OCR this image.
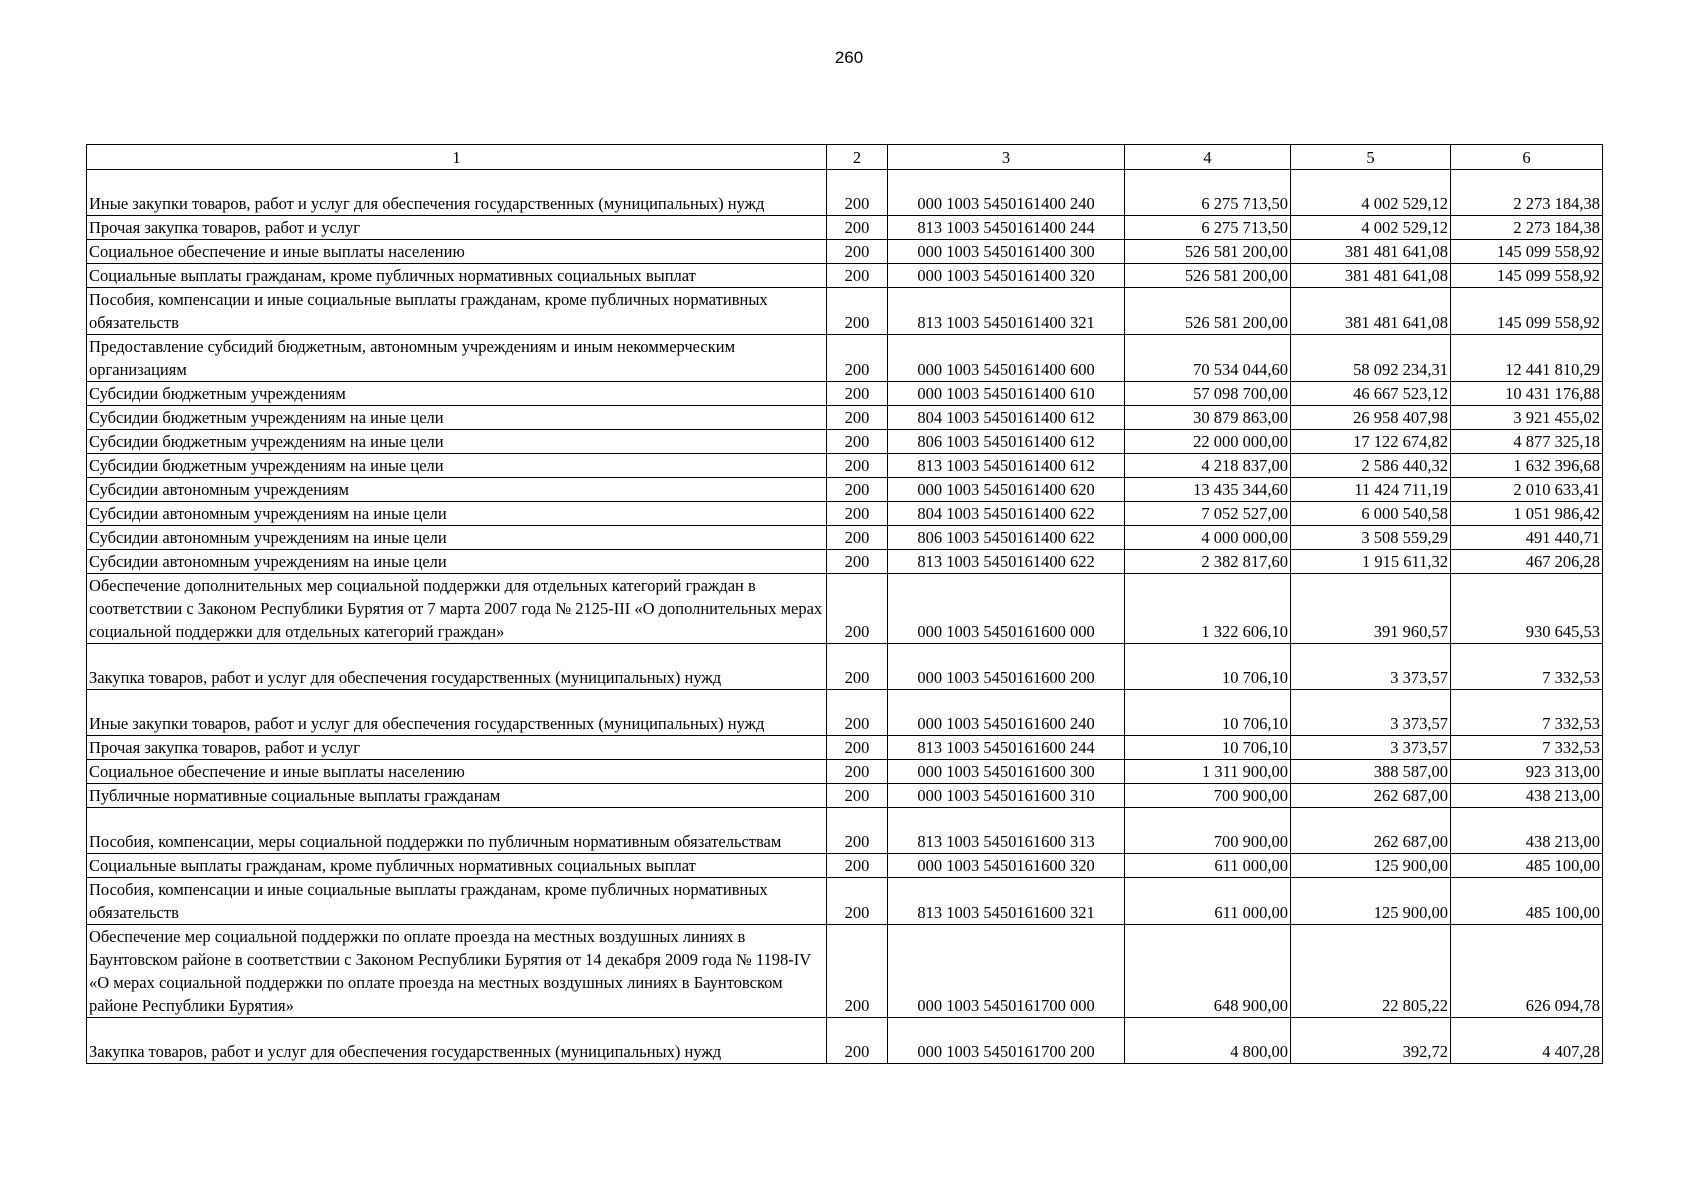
260
1	2	3	4	5	6
Иные закупки товаров, работ и услуг для обеспечения государственных (муниципальных) нужд	200	000 1003 5450161400 240	6 275 713,50	4 002 529,12	2 273 184,38
Прочая закупка товаров, работ и услуг	200	813 1003 5450161400 244	6 275 713,50	4 002 529,12	2 273 184,38
Социальное обеспечение и иные выплаты населению	200	000 1003 5450161400 300	526 581 200,00	381 481 641,08	145 099 558,92
Социальные выплаты гражданам, кроме публичных нормативных социальных выплат	200	000 1003 5450161400 320	526 581 200,00	381 481 641,08	145 099 558,92
Пособия, компенсации и иные социальные выплаты гражданам, кроме публичных нормативных обязательств	200	813 1003 5450161400 321	526 581 200,00	381 481 641,08	145 099 558,92
Предоставление субсидий бюджетным, автономным учреждениям и иным некоммерческим организациям	200	000 1003 5450161400 600	70 534 044,60	58 092 234,31	12 441 810,29
Субсидии бюджетным учреждениям	200	000 1003 5450161400 610	57 098 700,00	46 667 523,12	10 431 176,88
Субсидии бюджетным учреждениям на иные цели	200	804 1003 5450161400 612	30 879 863,00	26 958 407,98	3 921 455,02
Субсидии бюджетным учреждениям на иные цели	200	806 1003 5450161400 612	22 000 000,00	17 122 674,82	4 877 325,18
Субсидии бюджетным учреждениям на иные цели	200	813 1003 5450161400 612	4 218 837,00	2 586 440,32	1 632 396,68
Субсидии автономным учреждениям	200	000 1003 5450161400 620	13 435 344,60	11 424 711,19	2 010 633,41
Субсидии автономным учреждениям на иные цели	200	804 1003 5450161400 622	7 052 527,00	6 000 540,58	1 051 986,42
Субсидии автономным учреждениям на иные цели	200	806 1003 5450161400 622	4 000 000,00	3 508 559,29	491 440,71
Субсидии автономным учреждениям на иные цели	200	813 1003 5450161400 622	2 382 817,60	1 915 611,32	467 206,28
Обеспечение дополнительных мер социальной поддержки для отдельных категорий граждан в соответствии с Законом Республики Бурятия от 7 марта 2007 года № 2125-III «О дополнительных мерах социальной поддержки для отдельных категорий граждан»	200	000 1003 5450161600 000	1 322 606,10	391 960,57	930 645,53
Закупка товаров, работ и услуг для обеспечения государственных (муниципальных) нужд	200	000 1003 5450161600 200	10 706,10	3 373,57	7 332,53
Иные закупки товаров, работ и услуг для обеспечения государственных (муниципальных) нужд	200	000 1003 5450161600 240	10 706,10	3 373,57	7 332,53
Прочая закупка товаров, работ и услуг	200	813 1003 5450161600 244	10 706,10	3 373,57	7 332,53
Социальное обеспечение и иные выплаты населению	200	000 1003 5450161600 300	1 311 900,00	388 587,00	923 313,00
Публичные нормативные социальные выплаты гражданам	200	000 1003 5450161600 310	700 900,00	262 687,00	438 213,00
Пособия, компенсации, меры социальной поддержки по публичным нормативным обязательствам	200	813 1003 5450161600 313	700 900,00	262 687,00	438 213,00
Социальные выплаты гражданам, кроме публичных нормативных социальных выплат	200	000 1003 5450161600 320	611 000,00	125 900,00	485 100,00
Пособия, компенсации и иные социальные выплаты гражданам, кроме публичных нормативных обязательств	200	813 1003 5450161600 321	611 000,00	125 900,00	485 100,00
Обеспечение мер социальной поддержки по оплате проезда на местных воздушных линиях в Баунтовском районе в соответствии с Законом Республики Бурятия от 14 декабря 2009 года № 1198-IV «О мерах социальной поддержки по оплате проезда на местных воздушных линиях в Баунтовском районе Республики Бурятия»	200	000 1003 5450161700 000	648 900,00	22 805,22	626 094,78
Закупка товаров, работ и услуг для обеспечения государственных (муниципальных) нужд	200	000 1003 5450161700 200	4 800,00	392,72	4 407,28
